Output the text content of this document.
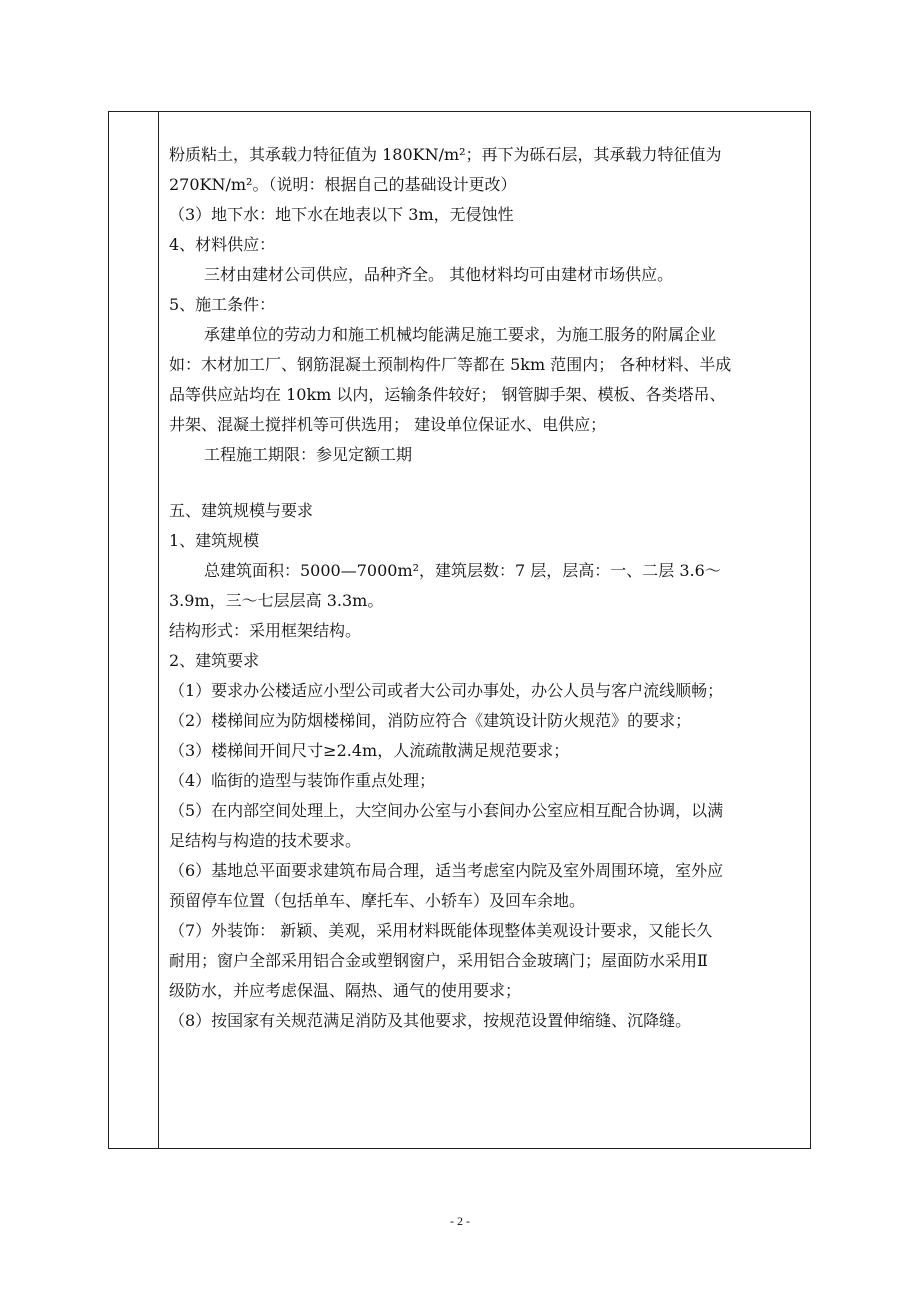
粉质粘土，其承载力特征值为 180KN/m²；再下为砾石层，其承载力特征值为
270KN/m²。（说明：根据自己的基础设计更改）
（3）地下水：地下水在地表以下 3m，无侵蚀性
4、材料供应：
三材由建材公司供应，品种齐全。 其他材料均可由建材市场供应。
5、施工条件：
承建单位的劳动力和施工机械均能满足施工要求，为施工服务的附属企业
如：木材加工厂、钢筋混凝土预制构件厂等都在 5km 范围内； 各种材料、半成
品等供应站均在 10km 以内，运输条件较好； 钢管脚手架、模板、各类塔吊、
井架、混凝土搅拌机等可供选用； 建设单位保证水、电供应；
工程施工期限：参见定额工期
五、建筑规模与要求
1、建筑规模
总建筑面积：5000—7000m²，建筑层数：7 层，层高：一、二层 3.6～
3.9m，三～七层层高 3.3m。
结构形式：采用框架结构。
2、建筑要求
（1）要求办公楼适应小型公司或者大公司办事处，办公人员与客户流线顺畅；
（2）楼梯间应为防烟楼梯间，消防应符合《建筑设计防火规范》的要求；
（3）楼梯间开间尺寸≥2.4m，人流疏散满足规范要求；
（4）临街的造型与装饰作重点处理；
（5）在内部空间处理上，大空间办公室与小套间办公室应相互配合协调，以满
足结构与构造的技术要求。
（6）基地总平面要求建筑布局合理，适当考虑室内院及室外周围环境，室外应
预留停车位置（包括单车、摩托车、小轿车）及回车余地。
（7）外装饰： 新颖、美观，采用材料既能体现整体美观设计要求，又能长久
耐用；窗户全部采用铝合金或塑钢窗户，采用铝合金玻璃门；屋面防水采用Ⅱ
级防水，并应考虑保温、隔热、通气的使用要求；
（8）按国家有关规范满足消防及其他要求，按规范设置伸缩缝、沉降缝。
- 2 -
